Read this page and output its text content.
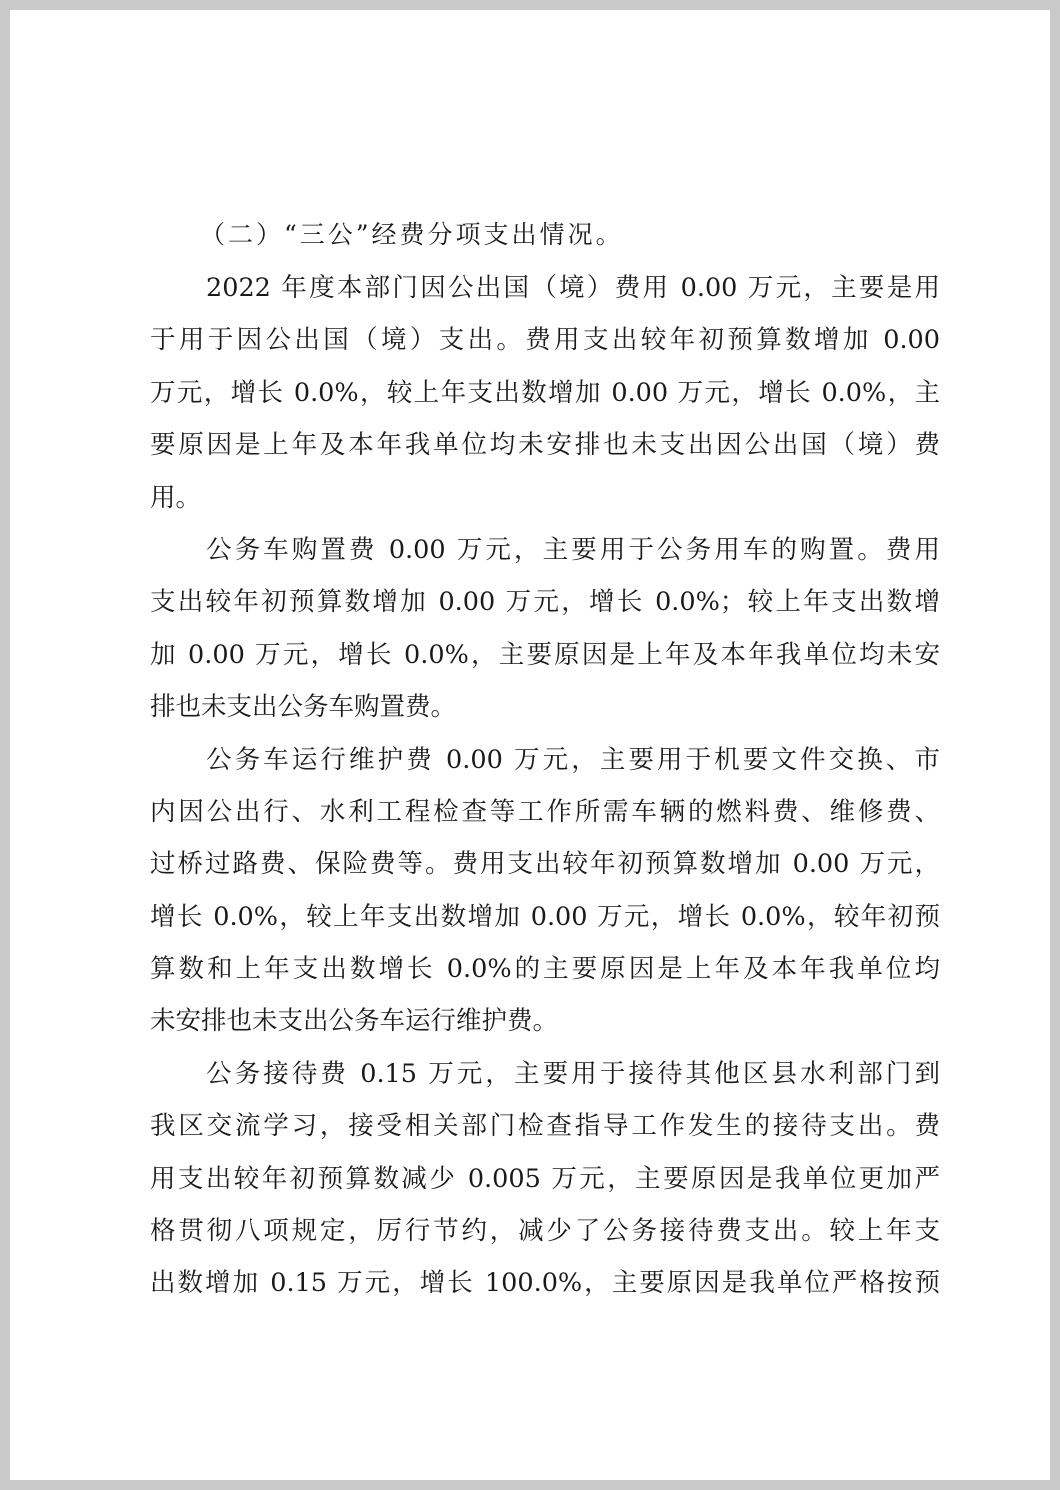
（二）“三公”经费分项支出情况。

2022 年度本部门因公出国（境）费用 0.00 万元，主要是用
于用于因公出国（境）支出。费用支出较年初预算数增加 0.00
万元，增长 0.0%，较上年支出数增加 0.00 万元，增长 0.0%，主
要原因是上年及本年我单位均未安排也未支出因公出国（境）费
用。
公务车购置费 0.00 万元，主要用于公务用车的购置。费用
支出较年初预算数增加 0.00 万元，增长 0.0%；较上年支出数增
加 0.00 万元，增长 0.0%，主要原因是上年及本年我单位均未安
排也未支出公务车购置费。
公务车运行维护费 0.00 万元，主要用于机要文件交换、市
内因公出行、水利工程检查等工作所需车辆的燃料费、维修费、
过桥过路费、保险费等。费用支出较年初预算数增加 0.00 万元，
增长 0.0%，较上年支出数增加 0.00 万元，增长 0.0%，较年初预
算数和上年支出数增长 0.0%的主要原因是上年及本年我单位均
未安排也未支出公务车运行维护费。
公务接待费 0.15 万元，主要用于接待其他区县水利部门到
我区交流学习，接受相关部门检查指导工作发生的接待支出。费
用支出较年初预算数减少 0.005 万元，主要原因是我单位更加严
格贯彻八项规定，厉行节约，减少了公务接待费支出。较上年支
出数增加 0.15 万元，增长 100.0%，主要原因是我单位严格按预
